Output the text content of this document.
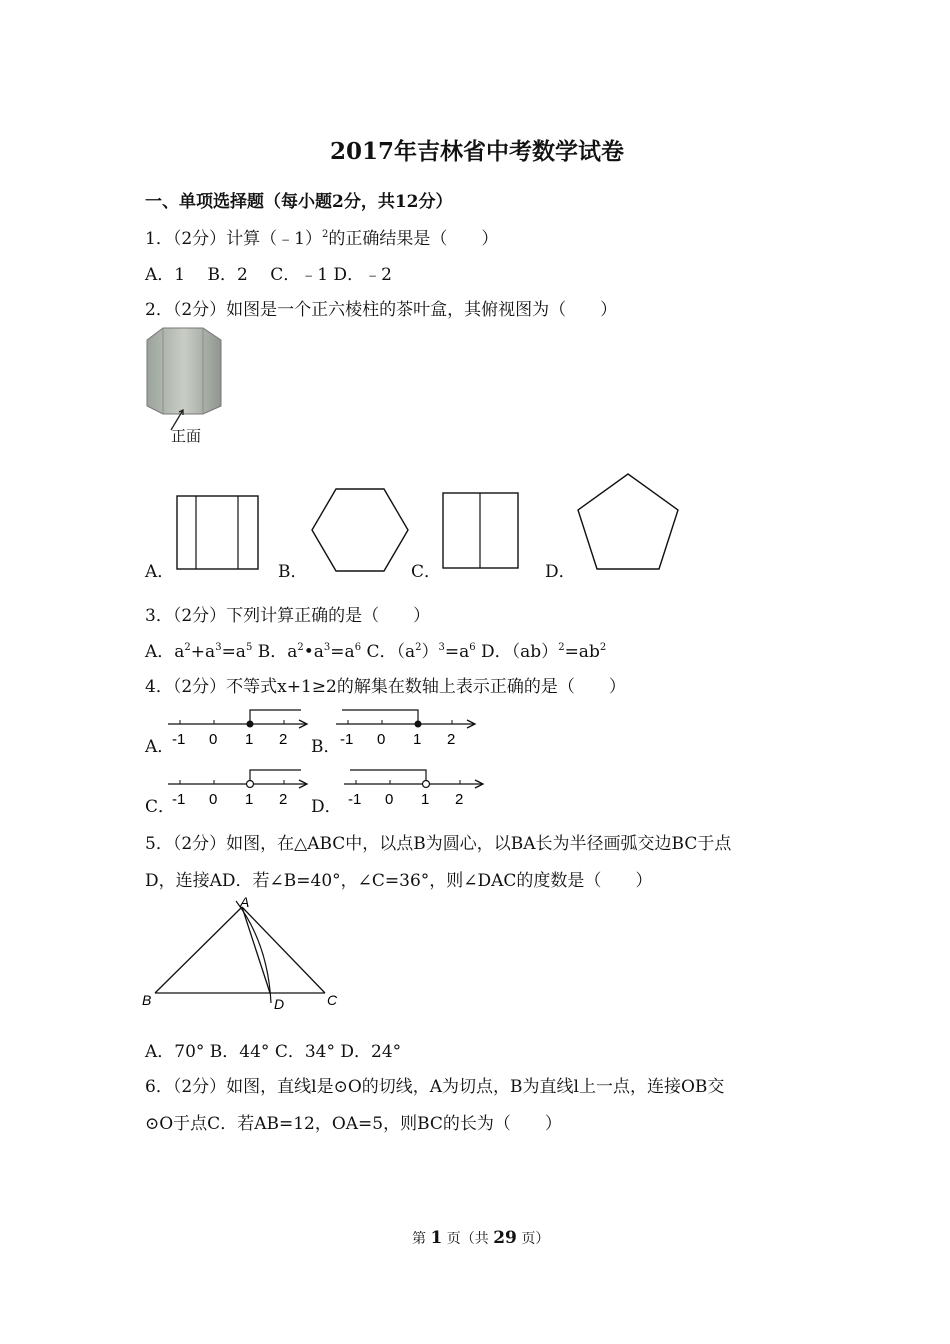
2017年吉林省中考数学试卷
一、单项选择题（每小题2分，共12分）
1．（2分）计算（﹣1）$^2$的正确结果是（　　）
A．1　 B．2　 C．﹣1 D．﹣2
2．（2分）如图是一个正六棱柱的茶叶盒，其俯视图为（　　）
正面
A．	B．	C．	D．
3．（2分）下列计算正确的是（　　）
A．$a^2+a^3=a^5$ B．$a^2•a^3=a^6$ C．$(a^2)^3=a^6$ D．$(ab)^2=ab^2$
4．（2分）不等式x+1≥2的解集在数轴上表示正确的是（　　）
A．
-1 0 1 2 B． -1 0 1 2
C．
-1 0 1 2 D． -1 0 1 2
5．（2分）如图，在△ABC中，以点B为圆心，以BA长为半径画弧交边BC于点
D，连接AD．若∠B=40°，∠C=36°，则∠DAC的度数是（　　）
A
B	C
D
A．70° B．44° C．34° D．24°
6．（2分）如图，直线l是⊙O的切线，A为切点，B为直线l上一点，连接OB交
⊙O于点C．若AB=12，OA=5，则BC的长为（　　）
第 1 页（共 29 页）
